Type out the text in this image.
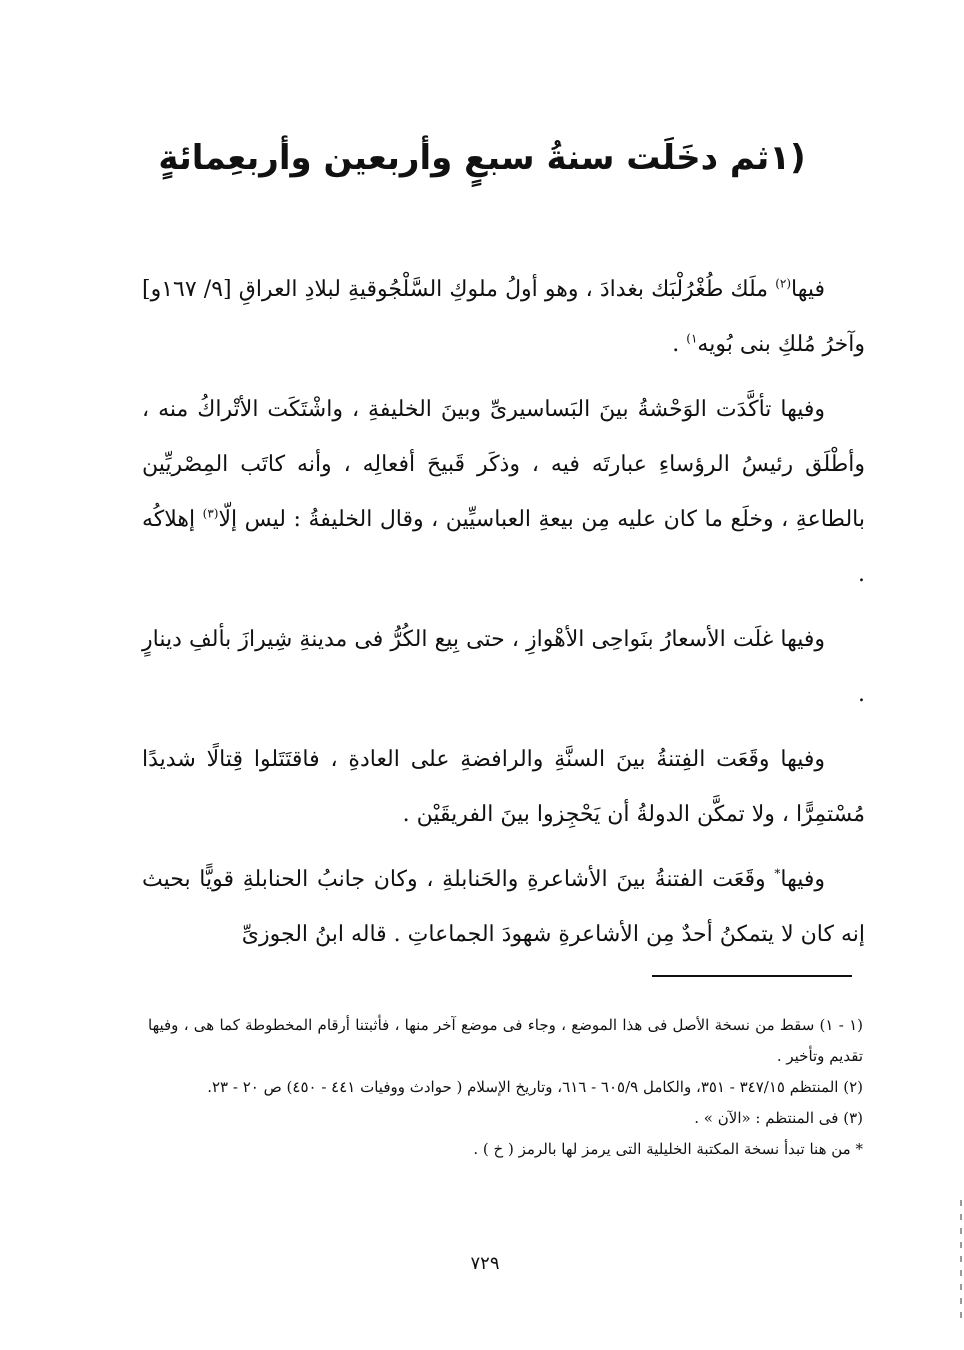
(١ثم دخَلَت سنةُ سبعٍ وأربعين وأربعِمائةٍ

فيها$^{(٢)}$ ملَك طُغْرُلْبَك بغدادَ ، وهو أولُ ملوكِ السَّلْجُوقيةِ لبلادِ العراقِ [٩/ ١٦٧و] وآخرُ مُلكِ بنى بُويه$^{١)}$ .

وفيها تأكَّدَت الوَحْشةُ بينَ البَساسيرىِّ وبينَ الخليفةِ ، واشْتَكَت الأتْراكُ منه ، وأطْلَق رئيسُ الرؤساءِ عبارتَه فيه ، وذكَر قَبيحَ أفعالِه ، وأنه كاتَب المِصْريِّين بالطاعةِ ، وخلَع ما كان عليه مِن بيعةِ العباسيِّين ، وقال الخليفةُ : ليس إلّا$^{(٣)}$ إهلاكُه .

وفيها غلَت الأسعارُ بنَواحِى الأهْوازِ ، حتى بِيع الكُرُّ فى مدينةِ شِيرازَ بألفِ دينارٍ .

وفيها وقَعَت الفِتنةُ بينَ السنَّةِ والرافضةِ على العادةِ ، فاقتَتَلوا قِتالًا شديدًا مُسْتمِرًّا ، ولا تمكَّن الدولةُ أن يَحْجِزوا بينَ الفريقَيْن .

وفيها* وقَعَت الفتنةُ بينَ الأشاعرةِ والحَنابلةِ ، وكان جانبُ الحنابلةِ قويًّا بحيث إنه كان لا يتمكنُ أحدٌ مِن الأشاعرةِ شهودَ الجماعاتِ . قاله ابنُ الجوزىِّ

(١ - ١) سقط من نسخة الأصل فى هذا الموضع ، وجاء فى موضع آخر منها ، فأثبتنا أرقام المخطوطة كما هى ، وفيها تقديم وتأخير .

(٢) المنتظم ٣٤٧/١٥ - ٣٥١، والكامل ٦٠٥/٩ - ٦١٦، وتاريخ الإسلام ( حوادث ووفيات ٤٤١ - ٤٥٠) ص ٢٠ - ٢٣.

(٣) فى المنتظم : «الآن » .

* من هنا تبدأ نسخة المكتبة الخليلية التى يرمز لها بالرمز ( خ ) .

٧٢٩
